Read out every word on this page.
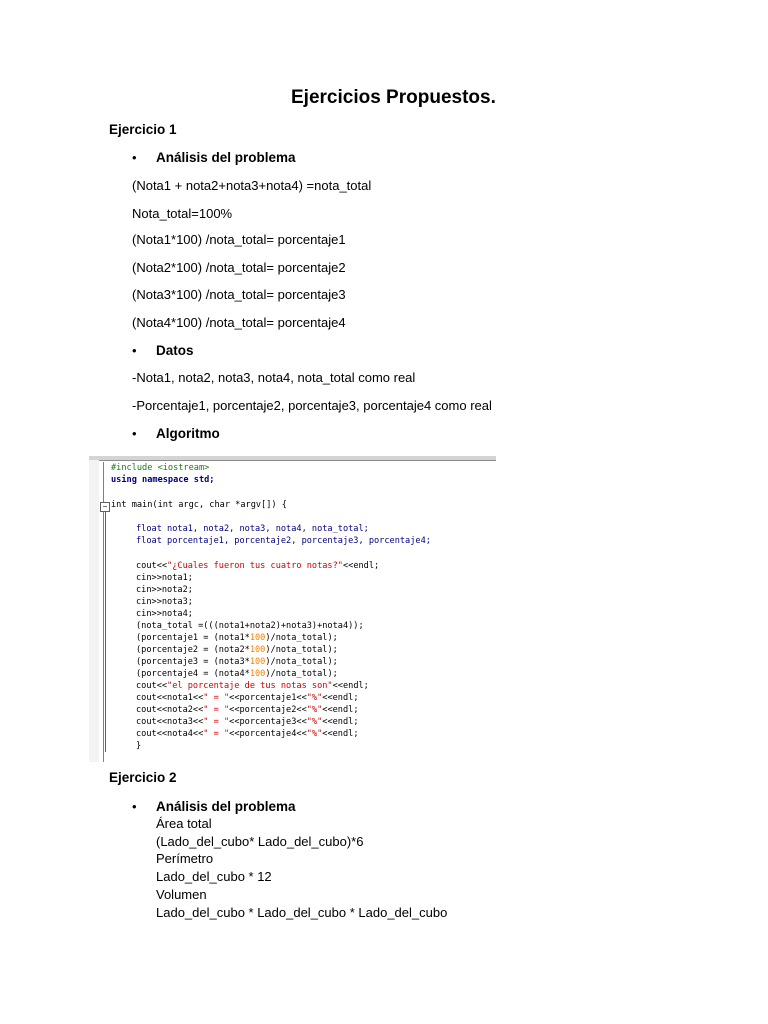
Ejercicios Propuestos.
Ejercicio 1
• Análisis del problema
(Nota1 + nota2+nota3+nota4) =nota_total
Nota_total=100%
(Nota1*100) /nota_total= porcentaje1
(Nota2*100) /nota_total= porcentaje2
(Nota3*100) /nota_total= porcentaje3
(Nota4*100) /nota_total= porcentaje4
• Datos
-Nota1, nota2, nota3, nota4, nota_total como real
-Porcentaje1, porcentaje2, porcentaje3, porcentaje4 como real
• Algoritmo
−
#include <iostream>
using namespace std;
int main(int argc, char *argv[]) {
float nota1, nota2, nota3, nota4, nota_total;
float porcentaje1, porcentaje2, porcentaje3, porcentaje4;
cout<<"¿Cuales fueron tus cuatro notas?"<<endl;
cin>>nota1;
cin>>nota2;
cin>>nota3;
cin>>nota4;
(nota_total =(((nota1+nota2)+nota3)+nota4));
(porcentaje1 = (nota1*100)/nota_total);
(porcentaje2 = (nota2*100)/nota_total);
(porcentaje3 = (nota3*100)/nota_total);
(porcentaje4 = (nota4*100)/nota_total);
cout<<"el porcentaje de tus notas son"<<endl;
cout<<nota1<<" = "<<porcentaje1<<"%"<<endl;
cout<<nota2<<" = "<<porcentaje2<<"%"<<endl;
cout<<nota3<<" = "<<porcentaje3<<"%"<<endl;
cout<<nota4<<" = "<<porcentaje4<<"%"<<endl;
}
Ejercicio 2
• Análisis del problema
Área total
(Lado_del_cubo* Lado_del_cubo)*6
Perímetro
Lado_del_cubo * 12
Volumen
Lado_del_cubo * Lado_del_cubo * Lado_del_cubo
